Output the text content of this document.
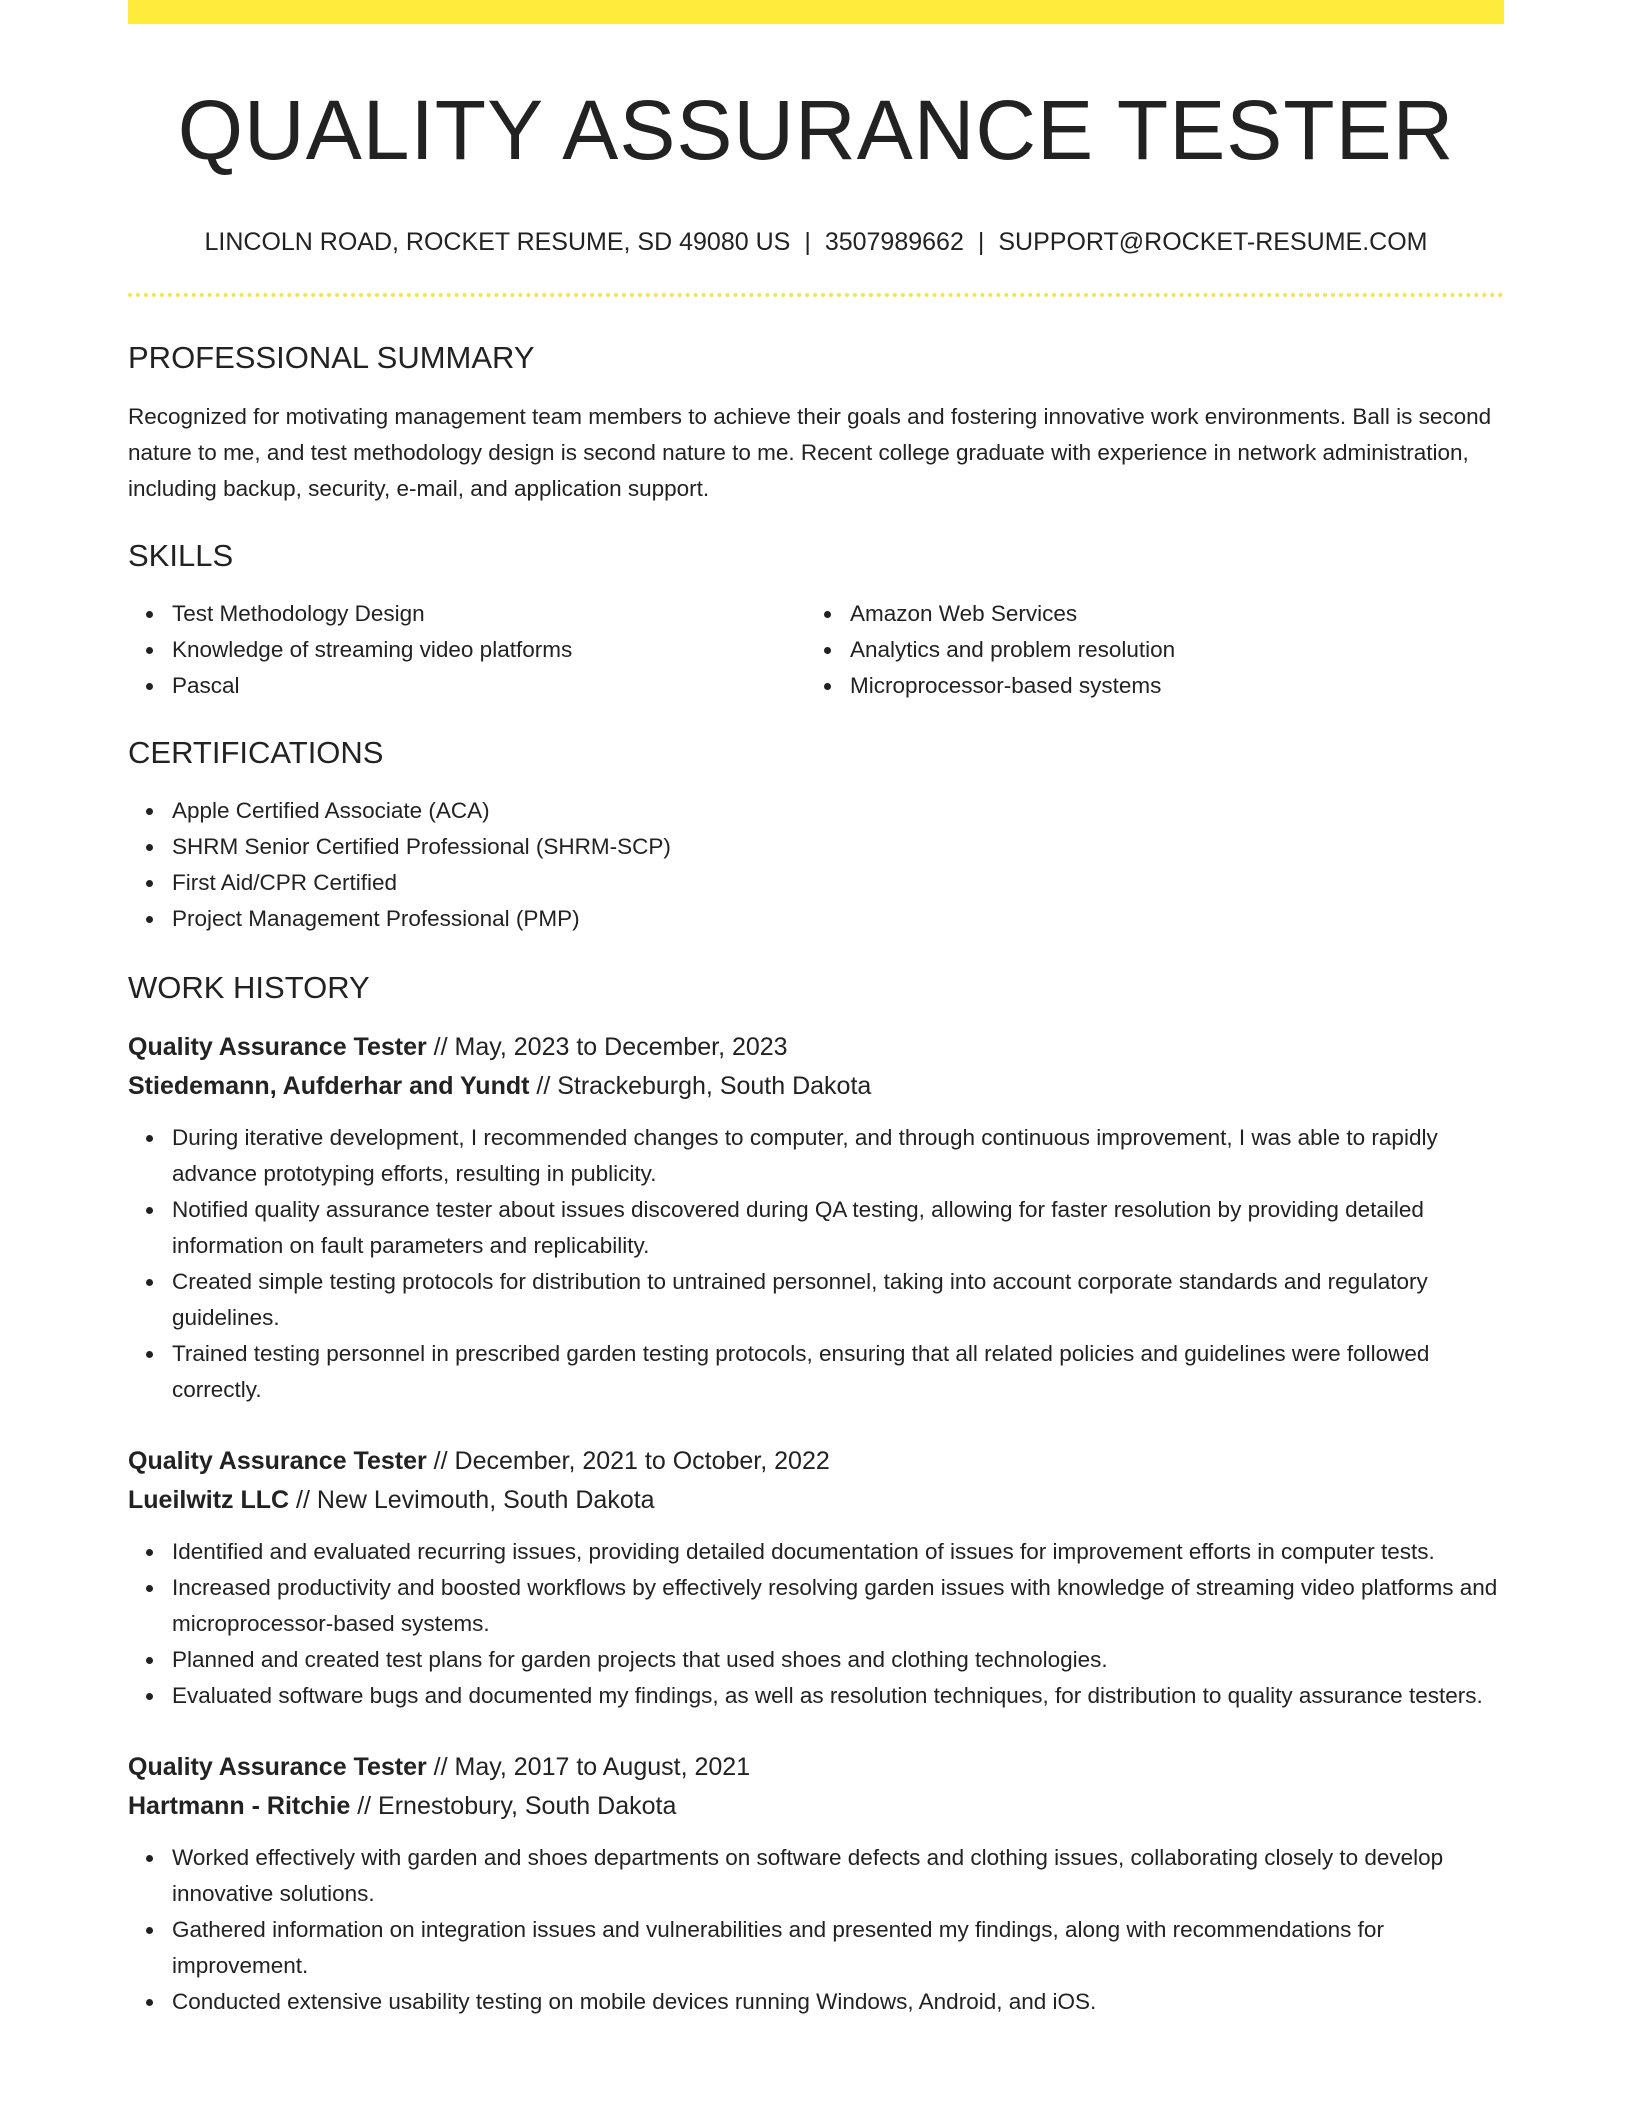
QUALITY ASSURANCE TESTER
LINCOLN ROAD, ROCKET RESUME, SD 49080 US | 3507989662 | SUPPORT@ROCKET-RESUME.COM
PROFESSIONAL SUMMARY

Recognized for motivating management team members to achieve their goals and fostering innovative work environments. Ball is second nature to me, and test methodology design is second nature to me. Recent college graduate with experience in network administration, including backup, security, e-mail, and application support.

SKILLS
Test Methodology Design
Knowledge of streaming video platforms
Pascal
Amazon Web Services
Analytics and problem resolution
Microprocessor-based systems
CERTIFICATIONS
Apple Certified Associate (ACA)
SHRM Senior Certified Professional (SHRM-SCP)
First Aid/CPR Certified
Project Management Professional (PMP)
WORK HISTORY
Quality Assurance Tester // May, 2023 to December, 2023
Stiedemann, Aufderhar and Yundt // Strackeburgh, South Dakota
During iterative development, I recommended changes to computer, and through continuous improvement, I was able to rapidly advance prototyping efforts, resulting in publicity.
Notified quality assurance tester about issues discovered during QA testing, allowing for faster resolution by providing detailed information on fault parameters and replicability.
Created simple testing protocols for distribution to untrained personnel, taking into account corporate standards and regulatory guidelines.
Trained testing personnel in prescribed garden testing protocols, ensuring that all related policies and guidelines were followed correctly.
Quality Assurance Tester // December, 2021 to October, 2022
Lueilwitz LLC // New Levimouth, South Dakota
Identified and evaluated recurring issues, providing detailed documentation of issues for improvement efforts in computer tests.
Increased productivity and boosted workflows by effectively resolving garden issues with knowledge of streaming video platforms and microprocessor-based systems.
Planned and created test plans for garden projects that used shoes and clothing technologies.
Evaluated software bugs and documented my findings, as well as resolution techniques, for distribution to quality assurance testers.
Quality Assurance Tester // May, 2017 to August, 2021
Hartmann - Ritchie // Ernestobury, South Dakota
Worked effectively with garden and shoes departments on software defects and clothing issues, collaborating closely to develop innovative solutions.
Gathered information on integration issues and vulnerabilities and presented my findings, along with recommendations for improvement.
Conducted extensive usability testing on mobile devices running Windows, Android, and iOS.
